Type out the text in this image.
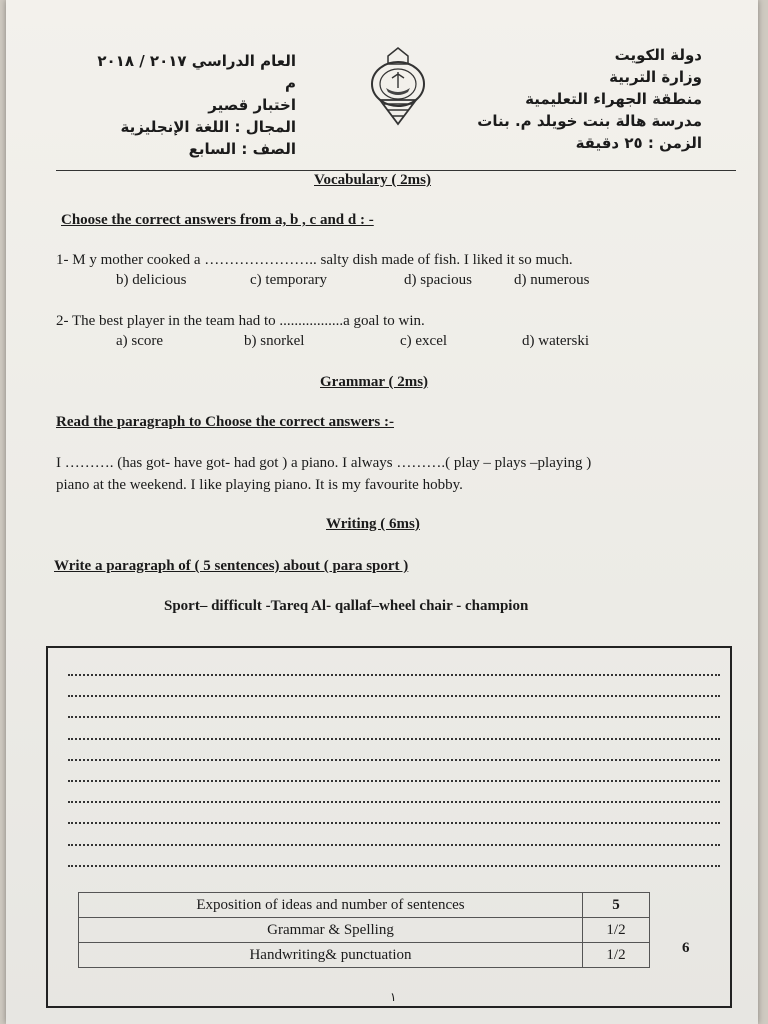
دولة الكويت
وزارة التربية
منطقة الجهراء التعليمية
مدرسة هالة بنت خويلد م. بنات
الزمن : ٢٥ دقيقة
العام الدراسي ٢٠١٧ / ٢٠١٨ م
اختبار قصير
المجال : اللغة الإنجليزية
الصف : السابع
Vocabulary ( 2ms)
Choose the correct answers from a, b , c and d : -
1- M y mother cooked a ………………….. salty dish made of fish. I liked it so much.
b) delicious	c) temporary	d) spacious	d) numerous
2- The best player in the team had to .................a goal to win.
a) score	b) snorkel	c) excel	d) waterski
Grammar ( 2ms)
Read the paragraph to Choose the correct answers :-
I ………. (has got- have got- had got ) a piano. I always ……….( play – plays –playing )
piano at the weekend. I like playing piano. It is my favourite hobby.
Writing ( 6ms)
Write a paragraph of ( 5 sentences) about ( para sport )
Sport– difficult -Tareq Al- qallaf–wheel chair - champion
Exposition of ideas and number of sentences	5
Grammar & Spelling	1/2
Handwriting& punctuation	1/2	6
١
